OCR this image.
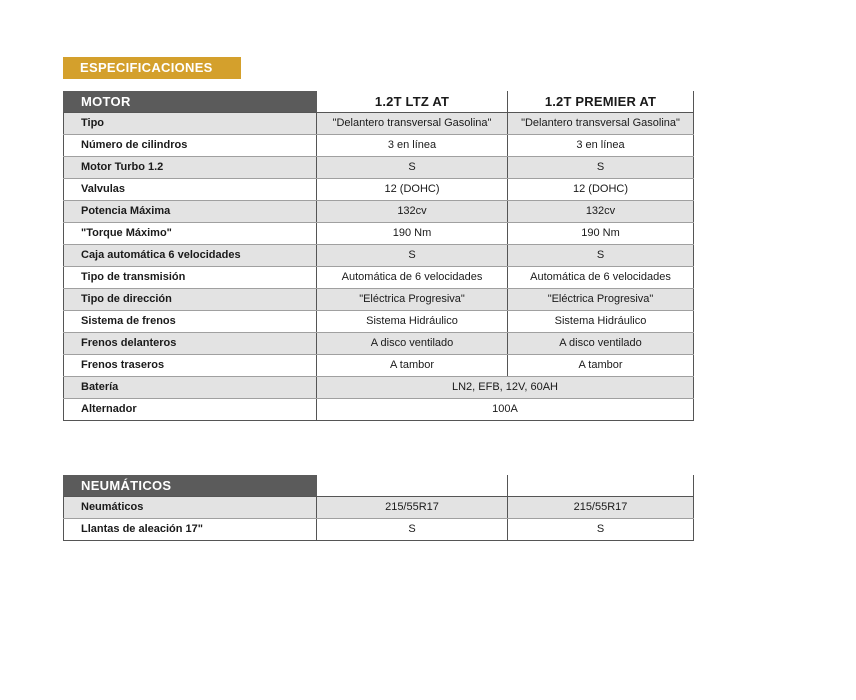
ESPECIFICACIONES
MOTOR	1.2T LTZ AT	1.2T PREMIER AT
Tipo	"Delantero transversal Gasolina"	"Delantero transversal Gasolina"
Número de cilindros	3 en línea	3 en línea
Motor Turbo 1.2	S	S
Valvulas	12 (DOHC)	12 (DOHC)
Potencia Máxima	132cv	132cv
"Torque Máximo"	190 Nm	190 Nm
Caja automática 6 velocidades	S	S
Tipo de transmisión	Automática de 6 velocidades	Automática de 6 velocidades
Tipo de dirección	"Eléctrica Progresiva"	"Eléctrica Progresiva"
Sistema de frenos	Sistema Hidráulico	Sistema Hidráulico
Frenos delanteros	A disco ventilado	A disco ventilado
Frenos traseros	A tambor	A tambor
Batería	LN2, EFB, 12V, 60AH	
Alternador	100A	
NEUMÁTICOS		
Neumáticos	215/55R17	215/55R17
Llantas de aleación 17"	S	S
